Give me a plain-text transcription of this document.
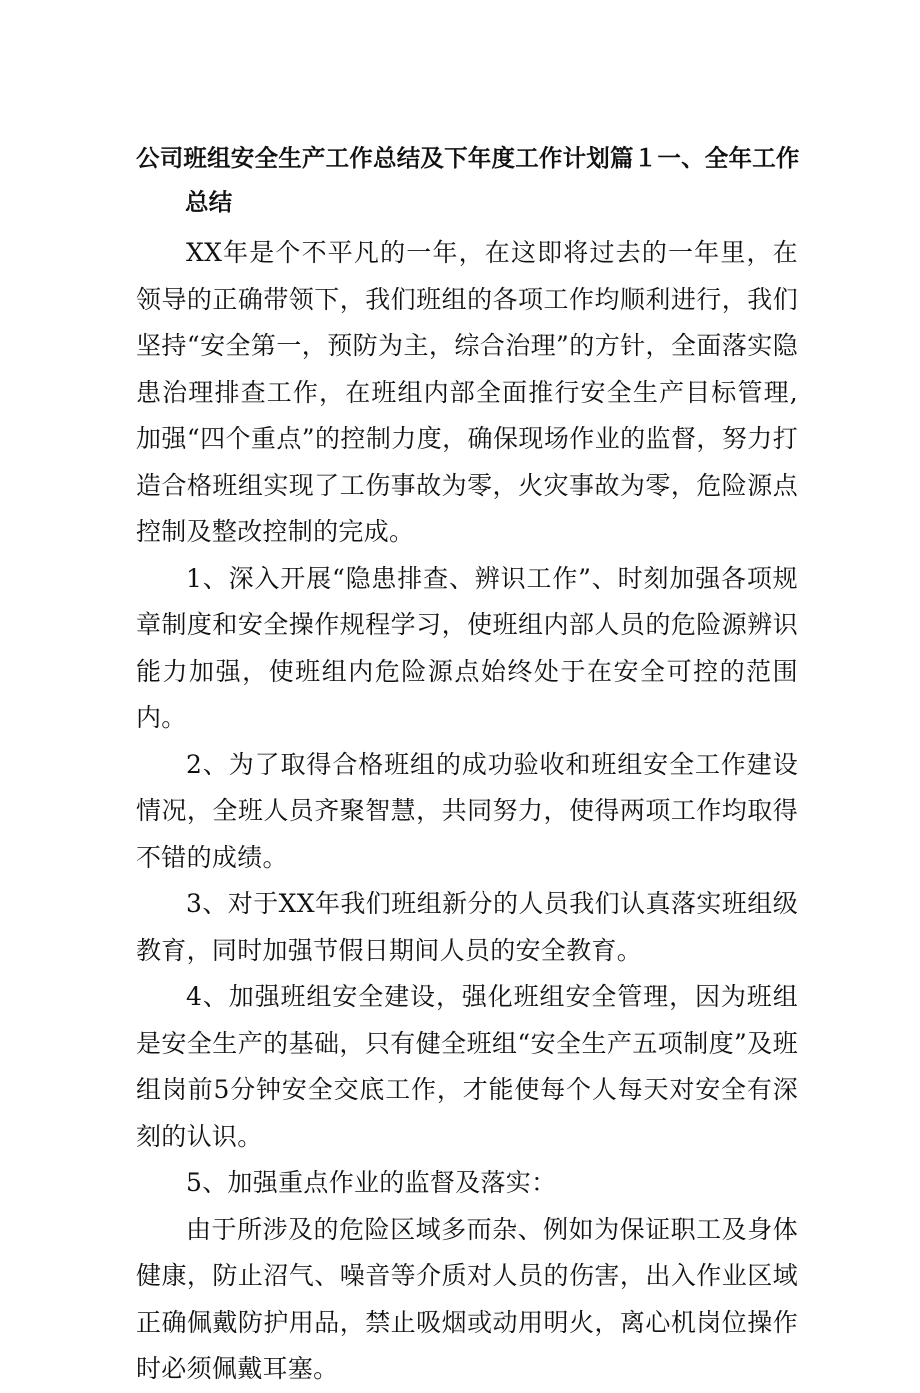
公司班组安全生产工作总结及下年度工作计划篇１一、全年工作
总结

XX年是个不平凡的一年，在这即将过去的一年里，在领导的正确带领下，我们班组的各项工作均顺利进行，我们坚持“安全第一，预防为主，综合治理”的方针，全面落实隐患治理排查工作，在班组内部全面推行安全生产目标管理,加强“四个重点”的控制力度，确保现场作业的监督，努力打造合格班组实现了工伤事故为零，火灾事故为零，危险源点控制及整改控制的完成。

1、深入开展“隐患排查、辨识工作”、时刻加强各项规章制度和安全操作规程学习，使班组内部人员的危险源辨识能力加强，使班组内危险源点始终处于在安全可控的范围内。

2、为了取得合格班组的成功验收和班组安全工作建设情况，全班人员齐聚智慧，共同努力，使得两项工作均取得不错的成绩。

3、对于XX年我们班组新分的人员我们认真落实班组级教育，同时加强节假日期间人员的安全教育。

4、加强班组安全建设，强化班组安全管理，因为班组是安全生产的基础，只有健全班组“安全生产五项制度”及班组岗前5分钟安全交底工作，才能使每个人每天对安全有深刻的认识。

5、加强重点作业的监督及落实：

由于所涉及的危险区域多而杂、例如为保证职工及身体健康，防止沼气、噪音等介质对人员的伤害，出入作业区域正确佩戴防护用品，禁止吸烟或动用明火，离心机岗位操作时必须佩戴耳塞。
